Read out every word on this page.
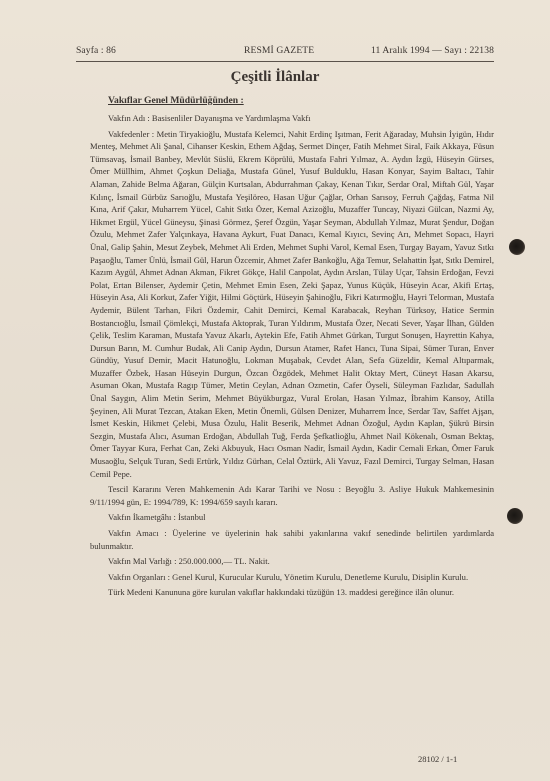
Sayfa : 86	RESMİ GAZETE	11 Aralık 1994 — Sayı : 22138
Çeşitli İlânlar
Vakıflar Genel Müdürlüğünden :

Vakfın Adı : Basisenliler Dayanışma ve Yardımlaşma Vakfı

Vakfedenler : Metin Tiryakioğlu, Mustafa Kelemci, Nahit Erdinç Işıtman, Ferit Ağaraday, Muhsin İyigün, Hıdır Menteş, Mehmet Ali Şanal, Cihanser Keskin, Ethem Ağdaş, Sermet Dinçer, Fatih Mehmet Siral, Faik Akkaya, Füsun Tümsavaş, İsmail Banbey, Mevlüt Süslü, Ekrem Köprülü, Mustafa Fahri Yılmaz, A. Aydın İzgü, Hüseyin Gürses, Ömer Müllhim, Ahmet Çoşkun Deliağa, Mustafa Günel, Yusuf Bulduklu, Hasan Konyar, Sayim Baltacı, Tahir Alaman, Zahide Belma Ağaran, Gülçin Kurtsalan, Abdurrahman Çakay, Kenan Tıkır, Serdar Oral, Miftah Gül, Yaşar Kılınç, İsmail Gürbüz Sarıoğlu, Mustafa Yeşilöreo, Hasan Uğur Çağlar, Orhan Sarısoy, Ferruh Çağdaş, Fatma Nil Kına, Arif Çakır, Muharrem Yücel, Cahit Sıtkı Özer, Kemal Azizoğlu, Muzaffer Tuncay, Niyazi Gülcan, Nazmi Ay, Hikmet Ergül, Yücel Güneysu, Şinasi Görmez, Şeref Özgün, Yaşar Seyman, Abdullah Yılmaz, Murat Şendur, Doğan Özulu, Mehmet Zafer Yalçınkaya, Havana Aykurt, Fuat Danacı, Kemal Kıyıcı, Sevinç Arı, Mehmet Sopacı, Hayri Ünal, Galip Şahin, Mesut Zeybek, Mehmet Ali Erden, Mehmet Suphi Varol, Kemal Esen, Turgay Bayam, Yavuz Sıtkı Paşaoğlu, Tamer Ünlü, İsmail Gül, Harun Özcemir, Ahmet Zafer Bankoğlu, Ağa Temur, Selahattin İşat, Sıtkı Demirel, Kazım Aygül, Ahmet Adnan Akman, Fikret Gökçe, Halil Canpolat, Aydın Arslan, Tülay Uçar, Tahsin Erdoğan, Fevzi Polat, Ertan Bilenser, Aydemir Çetin, Mehmet Emin Esen, Zeki Şapaz, Yunus Küçük, Hüseyin Acar, Akifi Ertaş, Hüseyin Asa, Ali Korkut, Zafer Yiğit, Hilmi Göçtürk, Hüseyin Şahinoğlu, Fikri Katırmoğlu, Hayri Telorman, Mustafa Aydemir, Bülent Tarhan, Fikri Özdemir, Cahit Demirci, Kemal Karabacak, Reyhan Türksoy, Hatice Sermin Bostancıoğlu, İsmail Çömlekçi, Mustafa Aktoprak, Turan Yıldırım, Mustafa Özer, Necati Sever, Yaşar İlhan, Gülden Çelik, Teslim Karaman, Mustafa Yavuz Akarlı, Aytekin Efe, Fatih Ahmet Gürkan, Turgut Sonuşen, Hayrettin Kahya, Dursun Barın, M. Cumhur Budak, Ali Canip Aydın, Dursun Atamer, Rafet Hancı, Tuna Sipai, Sümer Turan, Enver Gündüy, Yusuf Demir, Macit Hatunoğlu, Lokman Muşabak, Cevdet Alan, Sefa Güzeldir, Kemal Altıparmak, Muzaffer Özbek, Hasan Hüseyin Durgun, Özcan Özgödek, Mehmet Halit Oktay Mert, Cüneyt Hasan Akarsu, Asuman Okan, Mustafa Ragıp Tümer, Metin Ceylan, Adnan Ozmetin, Cafer Öyseli, Süleyman Fazlıdar, Sadullah Ünal Saygın, Alim Metin Serim, Mehmet Büyükburgaz, Vural Erolan, Hasan Yılmaz, İbrahim Kansoy, Atilla Şeyinen, Ali Murat Tezcan, Atakan Eken, Metin Önemli, Gülsen Denizer, Muharrem İnce, Serdar Tav, Saffet Ajşan, İsmet Keskin, Hikmet Çelebi, Musa Özulu, Halit Beserik, Mehmet Adnan Özoğul, Aydın Kaplan, Şükrü Birsin Sezgin, Mustafa Alıcı, Asuman Erdoğan, Abdullah Tuğ, Ferda Şefkatlioğlu, Ahmet Nail Kökenalı, Osman Bektaş, Ömer Tayyar Kura, Ferhat Can, Zeki Akbuyuk, Hacı Osman Nadir, İsmail Aydın, Kadir Cemali Erkan, Ömer Faruk Musaoğlu, Selçuk Turan, Sedi Ertürk, Yıldız Gürhan, Celal Öztürk, Ali Yavuz, Fazıl Demirci, Turgay Selman, Hasan Cemil Pepe.

Tescil Kararını Veren Mahkemenin Adı Karar Tarihi ve Nosu : Beyoğlu 3. Asliye Hukuk Mahkemesinin 9/11/1994 gün, E: 1994/789, K: 1994/659 sayılı kararı.

Vakfın İkametgâhı : İstanbul

Vakfın Amacı : Üyelerine ve üyelerinin hak sahibi yakınlarına vakıf senedinde belirtilen yardımlarda bulunmaktır.

Vakfın Mal Varlığı : 250.000.000,— TL. Nakit.

Vakfın Organları : Genel Kurul, Kurucular Kurulu, Yönetim Kurulu, Denetleme Kurulu, Disiplin Kurulu.

Türk Medeni Kanununa göre kurulan vakıflar hakkındaki tüzüğün 13. maddesi gereğince ilân olunur.

28102 / 1-1
